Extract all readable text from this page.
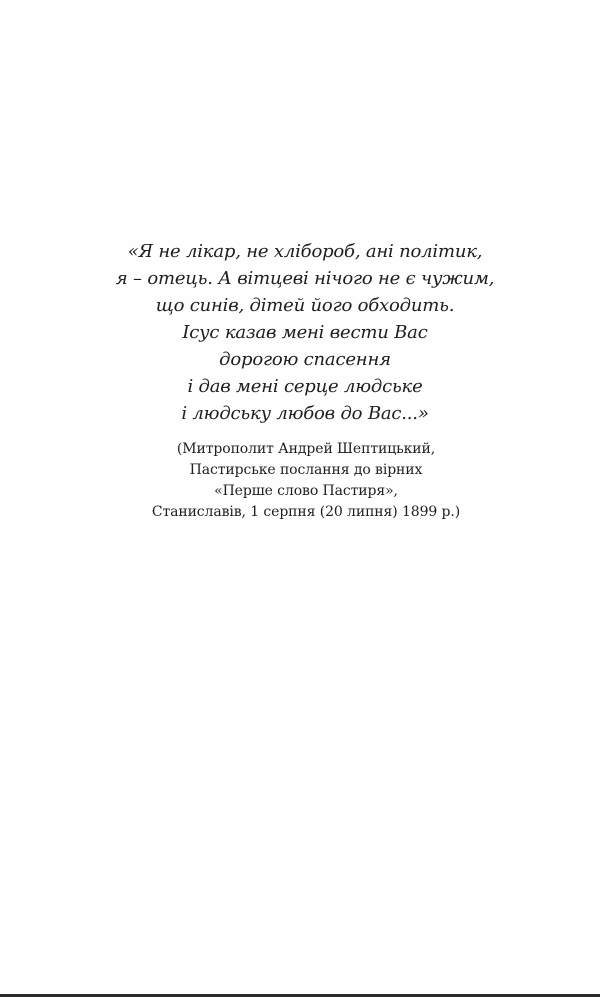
«Я не лікар, не хлібороб, ані політик,
я – отець. А вітцеві нічого не є чужим,
що синів, дітей його обходить.
Ісус казав мені вести Вас
дорогою спасення
і дав мені серце людське
і людську любов до Вас...»

(Митрополит Андрей Шептицький,
Пастирське послання до вірних
«Перше слово Пастиря»,
Станиславів, 1 серпня (20 липня) 1899 р.)
